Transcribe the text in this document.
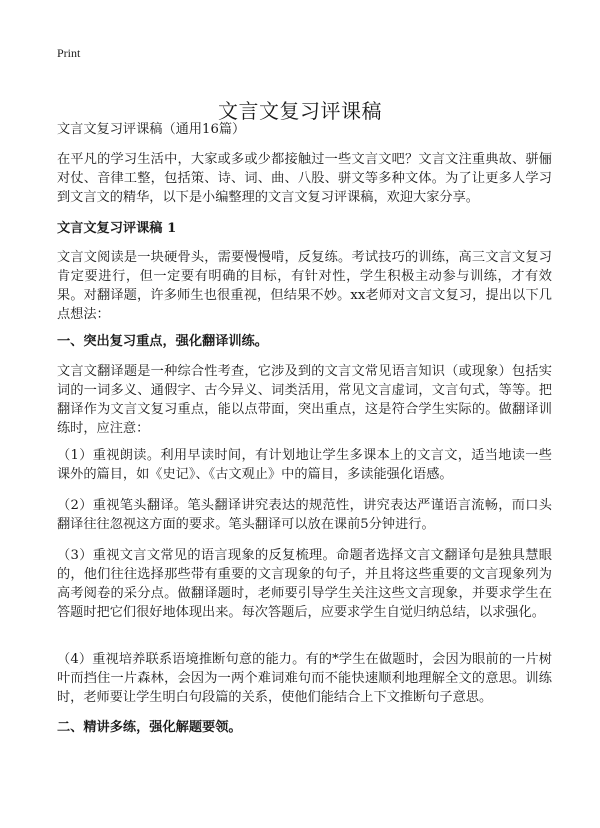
Print
文言文复习评课稿

文言文复习评课稿（通用16篇）

在平凡的学习生活中，大家或多或少都接触过一些文言文吧？文言文注重典故、骈俪对仗、音律工整，包括策、诗、词、曲、八股、骈文等多种文体。为了让更多人学习到文言文的精华，以下是小编整理的文言文复习评课稿，欢迎大家分享。

文言文复习评课稿 1

文言文阅读是一块硬骨头，需要慢慢啃，反复练。考试技巧的训练，高三文言文复习肯定要进行，但一定要有明确的目标，有针对性，学生积极主动参与训练，才有效果。对翻译题，许多师生也很重视，但结果不妙。xx老师对文言文复习，提出以下几点想法：

一、突出复习重点，强化翻译训练。

文言文翻译题是一种综合性考查，它涉及到的文言文常见语言知识（或现象）包括实词的一词多义、通假字、古今异义、词类活用，常见文言虚词，文言句式，等等。把翻译作为文言文复习重点，能以点带面，突出重点，这是符合学生实际的。做翻译训练时，应注意：

（1）重视朗读。利用早读时间，有计划地让学生多课本上的文言文，适当地读一些课外的篇目，如《史记》、《古文观止》中的篇目，多读能强化语感。

（2）重视笔头翻译。笔头翻译讲究表达的规范性，讲究表达严谨语言流畅，而口头翻译往往忽视这方面的要求。笔头翻译可以放在课前5分钟进行。

（3）重视文言文常见的语言现象的反复梳理。命题者选择文言文翻译句是独具慧眼的，他们往往选择那些带有重要的文言现象的句子，并且将这些重要的文言现象列为高考阅卷的采分点。做翻译题时，老师要引导学生关注这些文言现象，并要求学生在答题时把它们很好地体现出来。每次答题后，应要求学生自觉归纳总结，以求强化。

（4）重视培养联系语境推断句意的能力。有的*学生在做题时，会因为眼前的一片树叶而挡住一片森林，会因为一两个难词难句而不能快速顺利地理解全文的意思。训练时，老师要让学生明白句段篇的关系，使他们能结合上下文推断句子意思。

二、精讲多练，强化解题要领。
